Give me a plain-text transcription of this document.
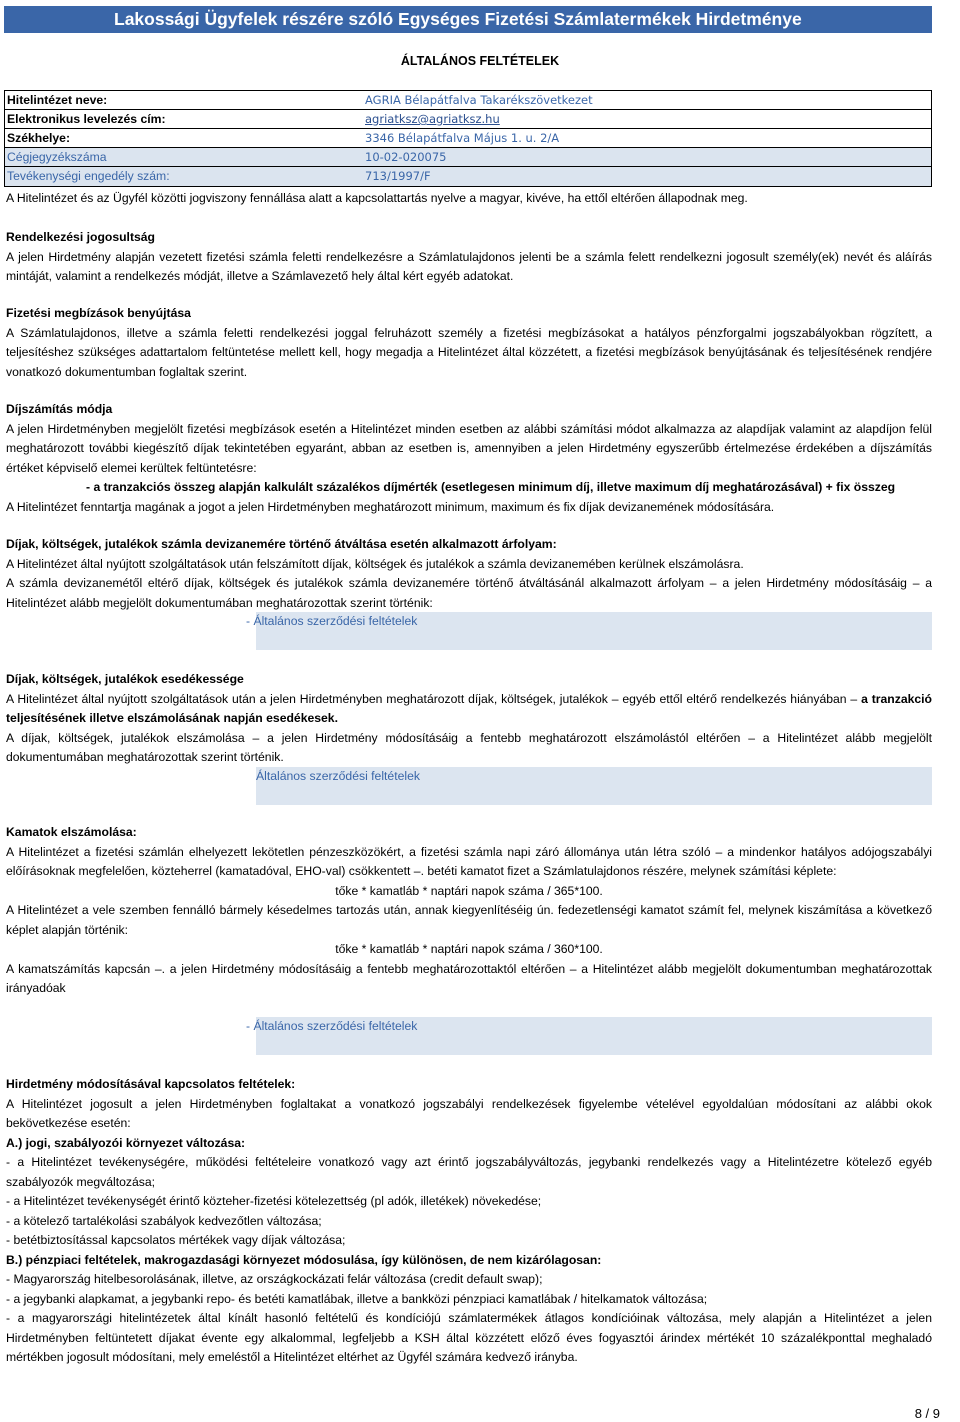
Lakossági Ügyfelek részére szóló Egységes Fizetési Számlatermékek Hirdetménye
ÁLTALÁNOS FELTÉTELEK
Hitelintézet neve:	AGRIA Bélapátfalva Takarékszövetkezet
Elektronikus levelezés cím:	agriatksz@agriatksz.hu
Székhelye:	3346 Bélapátfalva Május 1. u. 2/A
Cégjegyzékszáma	10-02-020075
Tevékenységi engedély szám:	713/1997/F
A Hitelintézet és az Ügyfél közötti jogviszony fennállása alatt a kapcsolattartás nyelve a magyar, kivéve, ha ettől eltérően állapodnak meg.
Rendelkezési jogosultság
A jelen Hirdetmény alapján vezetett fizetési számla feletti rendelkezésre a Számlatulajdonos jelenti be a számla felett rendelkezni jogosult személy(ek) nevét és aláírás mintáját, valamint a rendelkezés módját, illetve a Számlavezető hely által kért egyéb adatokat.
Fizetési megbízások benyújtása
A Számlatulajdonos, illetve a számla feletti rendelkezési joggal felruházott személy a fizetési megbízásokat a hatályos pénzforgalmi jogszabályokban rögzített, a teljesítéshez szükséges adattartalom feltüntetése mellett kell, hogy megadja a Hitelintézet által közzétett, a fizetési megbízások benyújtásának és teljesítésének rendjére vonatkozó dokumentumban foglaltak szerint.
Díjszámítás módja
A jelen Hirdetményben megjelölt fizetési megbízások esetén a Hitelintézet minden esetben az alábbi számítási módot alkalmazza az alapdíjak valamint az alapdíjon felül meghatározott további kiegészítő díjak tekintetében egyaránt, abban az esetben is, amennyiben a jelen Hirdetmény egyszerűbb értelmezése érdekében a díjszámítás értéket képviselő elemei kerültek feltüntetésre:
- a tranzakciós összeg alapján kalkulált százalékos díjmérték (esetlegesen minimum díj, illetve maximum díj meghatározásával) + fix összeg
A Hitelintézet fenntartja magának a jogot a jelen Hirdetményben meghatározott minimum, maximum és fix díjak devizanemének módosítására.
Díjak, költségek, jutalékok számla devizanemére történő átváltása esetén alkalmazott árfolyam:
A Hitelintézet által nyújtott szolgáltatások után felszámított díjak, költségek és jutalékok a számla devizanemében kerülnek elszámolásra.
A számla devizanemétől eltérő díjak, költségek és jutalékok számla devizanemére történő átváltásánál alkalmazott árfolyam – a jelen Hirdetmény módosításáig – a Hitelintézet alább megjelölt dokumentumában meghatározottak szerint történik:
- Általános szerződési feltételek
Díjak, költségek, jutalékok esedékessége
A Hitelintézet által nyújtott szolgáltatások után a jelen Hirdetményben meghatározott díjak, költségek, jutalékok – egyéb ettől eltérő rendelkezés hiányában – a tranzakció teljesítésének illetve elszámolásának napján esedékesek.
A díjak, költségek, jutalékok elszámolása – a jelen Hirdetmény módosításáig a fentebb meghatározott elszámolástól eltérően – a Hitelintézet alább megjelölt dokumentumában meghatározottak szerint történik.
Általános szerződési feltételek
Kamatok elszámolása:
A Hitelintézet a fizetési számlán elhelyezett lekötetlen pénzeszközökért, a fizetési számla napi záró állománya után létra szóló – a mindenkor hatályos adójogszabályi előírásoknak megfelelően, közteherrel (kamatadóval, EHO-val) csökkentett –. betéti kamatot fizet a Számlatulajdonos részére, melynek számítási képlete:
tőke * kamatláb * naptári napok száma / 365*100.
A Hitelintézet a vele szemben fennálló bármely késedelmes tartozás után, annak kiegyenlítéséig ún. fedezetlenségi kamatot számít fel, melynek kiszámítása a következő képlet alapján történik:
tőke * kamatláb * naptári napok száma / 360*100.
A kamatszámítás kapcsán –. a jelen Hirdetmény módosításáig a fentebb meghatározottaktól eltérően – a Hitelintézet alább megjelölt dokumentumban meghatározottak irányadóak
- Általános szerződési feltételek
Hirdetmény módosításával kapcsolatos feltételek:
A Hitelintézet jogosult a jelen Hirdetményben foglaltakat a vonatkozó jogszabályi rendelkezések figyelembe vételével egyoldalúan módosítani az alábbi okok bekövetkezése esetén:
A.) jogi, szabályozói környezet változása:
- a Hitelintézet tevékenységére, működési feltételeire vonatkozó vagy azt érintő jogszabályváltozás, jegybanki rendelkezés vagy a Hitelintézetre kötelező egyéb szabályozók megváltozása;
- a Hitelintézet tevékenységét érintő közteher-fizetési kötelezettség (pl adók, illetékek) növekedése;
- a kötelező tartalékolási szabályok kedvezőtlen változása;
- betétbiztosítással kapcsolatos mértékek vagy díjak változása;
B.) pénzpiaci feltételek, makrogazdasági környezet módosulása, így különösen, de nem kizárólagosan:
- Magyarország hitelbesorolásának, illetve, az országkockázati felár változása (credit default swap);
- a jegybanki alapkamat, a jegybanki repo- és betéti kamatlábak, illetve a bankközi pénzpiaci kamatlábak / hitelkamatok változása;
- a magyarországi hitelintézetek által kínált hasonló feltételű és kondíciójú számlatermékek átlagos kondícióinak változása, mely alapján a Hitelintézet a jelen Hirdetményben feltüntetett díjakat évente egy alkalommal, legfeljebb a KSH által közzétett előző éves fogyasztói árindex mértékét 10 százalékponttal meghaladó mértékben jogosult módosítani, mely emeléstől a Hitelintézet eltérhet az Ügyfél számára kedvező irányba.
8 / 9
